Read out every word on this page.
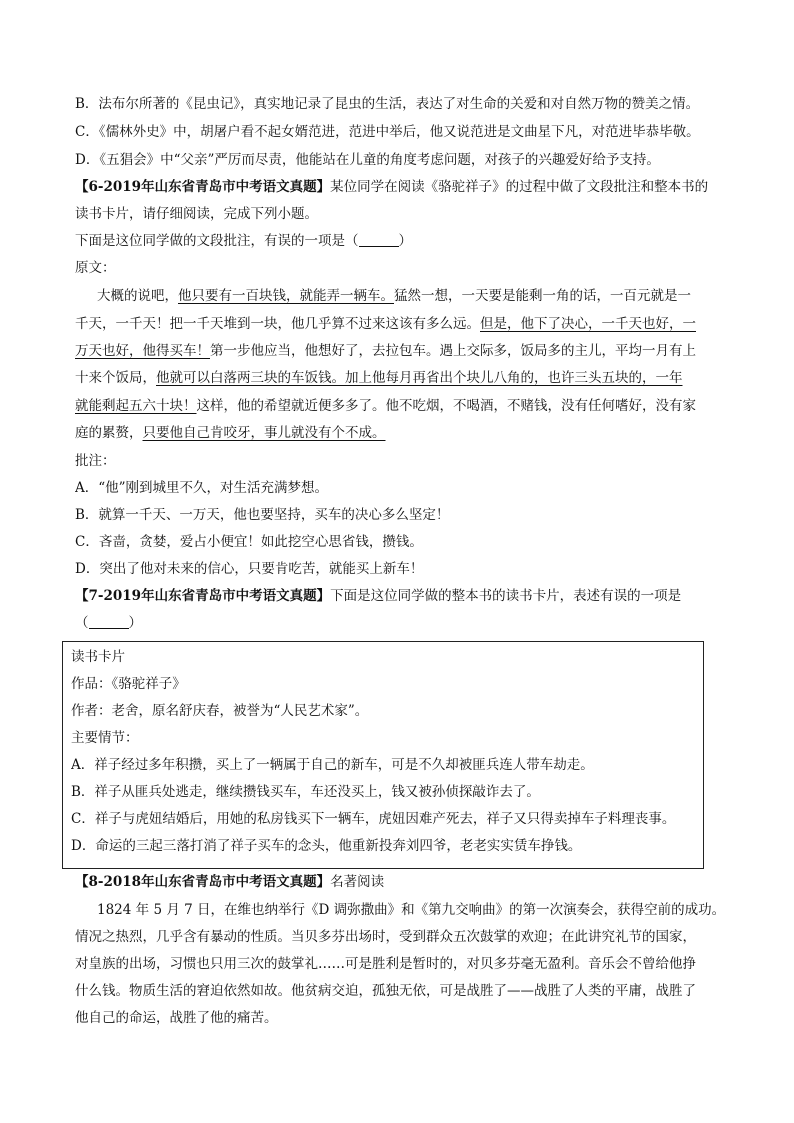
B．法布尔所著的《昆虫记》，真实地记录了昆虫的生活，表达了对生命的关爱和对自然万物的赞美之情。
C．《儒林外史》中，胡屠户看不起女婿范进，范进中举后，他又说范进是文曲星下凡，对范进毕恭毕敬。
D．《五猖会》中“父亲”严厉而尽责，他能站在儿童的角度考虑问题，对孩子的兴趣爱好给予支持。
【6-2019年山东省青岛市中考语文真题】某位同学在阅读《骆驼祥子》的过程中做了文段批注和整本书的
读书卡片，请仔细阅读，完成下列小题。
下面是这位同学做的文段批注，有误的一项是（	）
原文：
大概的说吧，他只要有一百块钱，就能弄一辆车。猛然一想，一天要是能剩一角的话，一百元就是一
千天，一千天！把一千天堆到一块，他几乎算不过来这该有多么远。但是，他下了决心，一千天也好，一
万天也好，他得买车！第一步他应当，他想好了，去拉包车。遇上交际多，饭局多的主儿，平均一月有上
十来个饭局，他就可以白落两三块的车饭钱。加上他每月再省出个块儿八角的，也许三头五块的，一年
就能剩起五六十块！这样，他的希望就近便多多了。他不吃烟，不喝酒，不赌钱，没有任何嗜好，没有家
庭的累赘，只要他自己肯咬牙，事儿就没有个不成。
批注：
A．“他”刚到城里不久，对生活充满梦想。
B．就算一千天、一万天，他也要坚持，买车的决心多么坚定！
C．吝啬，贪婪，爱占小便宜！如此挖空心思省钱，攒钱。
D．突出了他对未来的信心，只要肯吃苦，就能买上新车！
【7-2019年山东省青岛市中考语文真题】下面是这位同学做的整本书的读书卡片，表述有误的一项是
（	）
读书卡片
作品：《骆驼祥子》
作者：老舍，原名舒庆春，被誉为“人民艺术家”。
主要情节：
A．祥子经过多年积攒，买上了一辆属于自己的新车，可是不久却被匪兵连人带车劫走。
B．祥子从匪兵处逃走，继续攒钱买车，车还没买上，钱又被孙侦探敲诈去了。
C．祥子与虎妞结婚后，用她的私房钱买下一辆车，虎妞因难产死去，祥子又只得卖掉车子料理丧事。
D．命运的三起三落打消了祥子买车的念头，他重新投奔刘四爷，老老实实赁车挣钱。
【8-2018年山东省青岛市中考语文真题】名著阅读
1824 年 5 月 7 日，在维也纳举行《D 调弥撒曲》和《第九交响曲》的第一次演奏会，获得空前的成功。
情况之热烈，几乎含有暴动的性质。当贝多芬出场时，受到群众五次鼓掌的欢迎；在此讲究礼节的国家，
对皇族的出场，习惯也只用三次的鼓掌礼……可是胜利是暂时的，对贝多芬毫无盈利。音乐会不曾给他挣
什么钱。物质生活的窘迫依然如故。他贫病交迫，孤独无依，可是战胜了——战胜了人类的平庸，战胜了
他自己的命运，战胜了他的痛苦。
